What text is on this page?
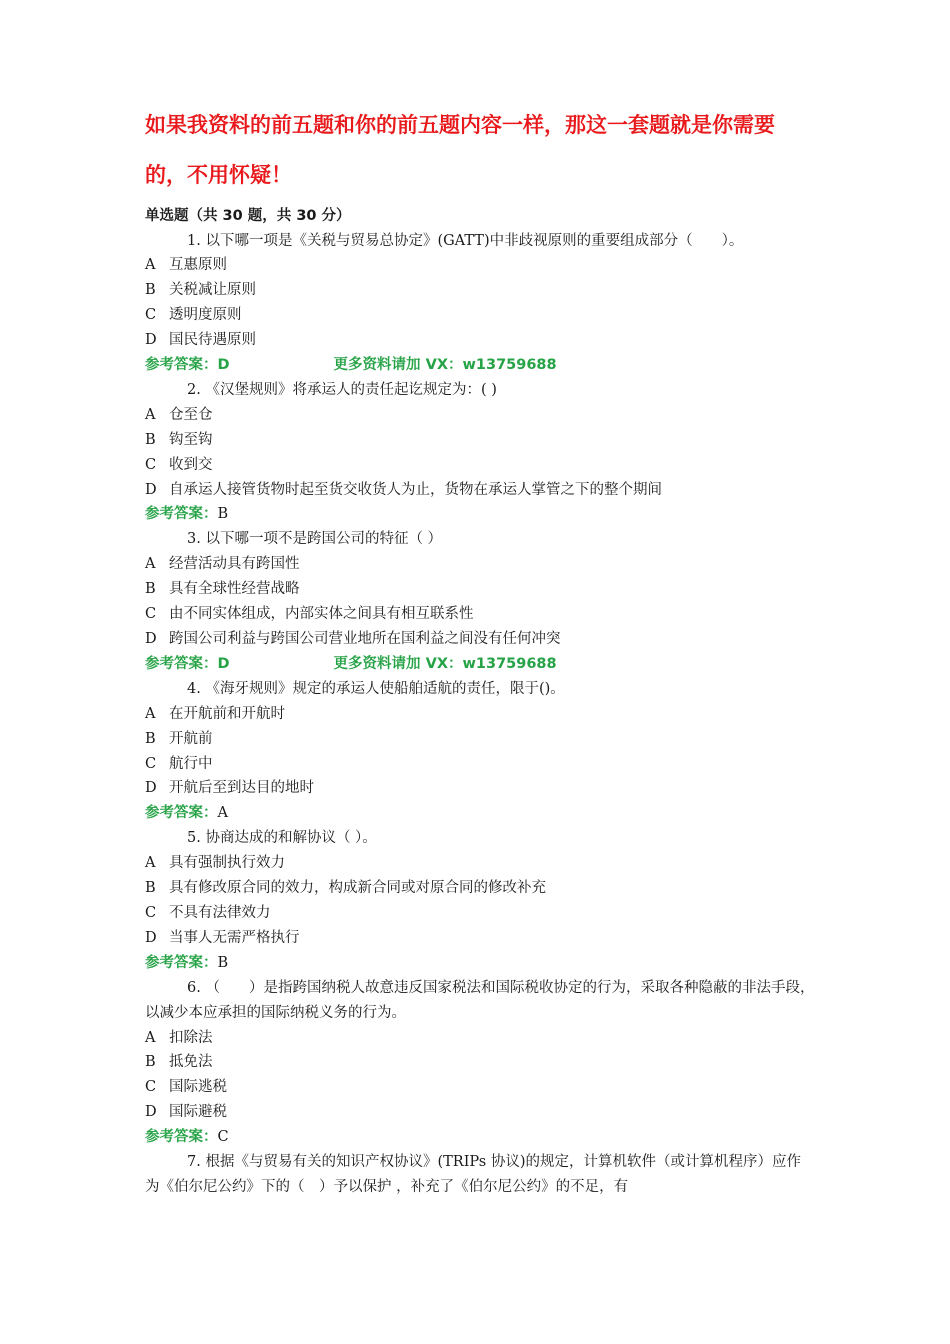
如果我资料的前五题和你的前五题内容一样，那这一套题就是你需要的，不用怀疑！
单选题（共 30 题，共 30 分）
1. 以下哪一项是《关税与贸易总协定》(GATT)中非歧视原则的重要组成部分（　　）。
A 互惠原则
B 关税减让原则
C 透明度原则
D 国民待遇原则
参考答案：D	更多资料请加 VX：w13759688
2. 《汉堡规则》将承运人的责任起讫规定为：( )
A 仓至仓
B 钩至钩
C 收到交
D 自承运人接管货物时起至货交收货人为止，货物在承运人掌管之下的整个期间
参考答案：B
3. 以下哪一项不是跨国公司的特征（ ）
A 经营活动具有跨国性
B 具有全球性经营战略
C 由不同实体组成，内部实体之间具有相互联系性
D 跨国公司利益与跨国公司营业地所在国利益之间没有任何冲突
参考答案：D	更多资料请加 VX：w13759688
4. 《海牙规则》规定的承运人使船舶适航的责任，限于()。
A 在开航前和开航时
B 开航前
C 航行中
D 开航后至到达目的地时
参考答案：A
5. 协商达成的和解协议（ ）。
A 具有强制执行效力
B 具有修改原合同的效力，构成新合同或对原合同的修改补充
C 不具有法律效力
D 当事人无需严格执行
参考答案：B
6. （　　）是指跨国纳税人故意违反国家税法和国际税收协定的行为，采取各种隐蔽的非法手段，以减少本应承担的国际纳税义务的行为。
A 扣除法
B 抵免法
C 国际逃税
D 国际避税
参考答案：C
7. 根据《与贸易有关的知识产权协议》(TRIPs 协议)的规定，计算机软件（或计算机程序）应作为《伯尔尼公约》下的（　）予以保护 ，补充了《伯尔尼公约》的不足，有
